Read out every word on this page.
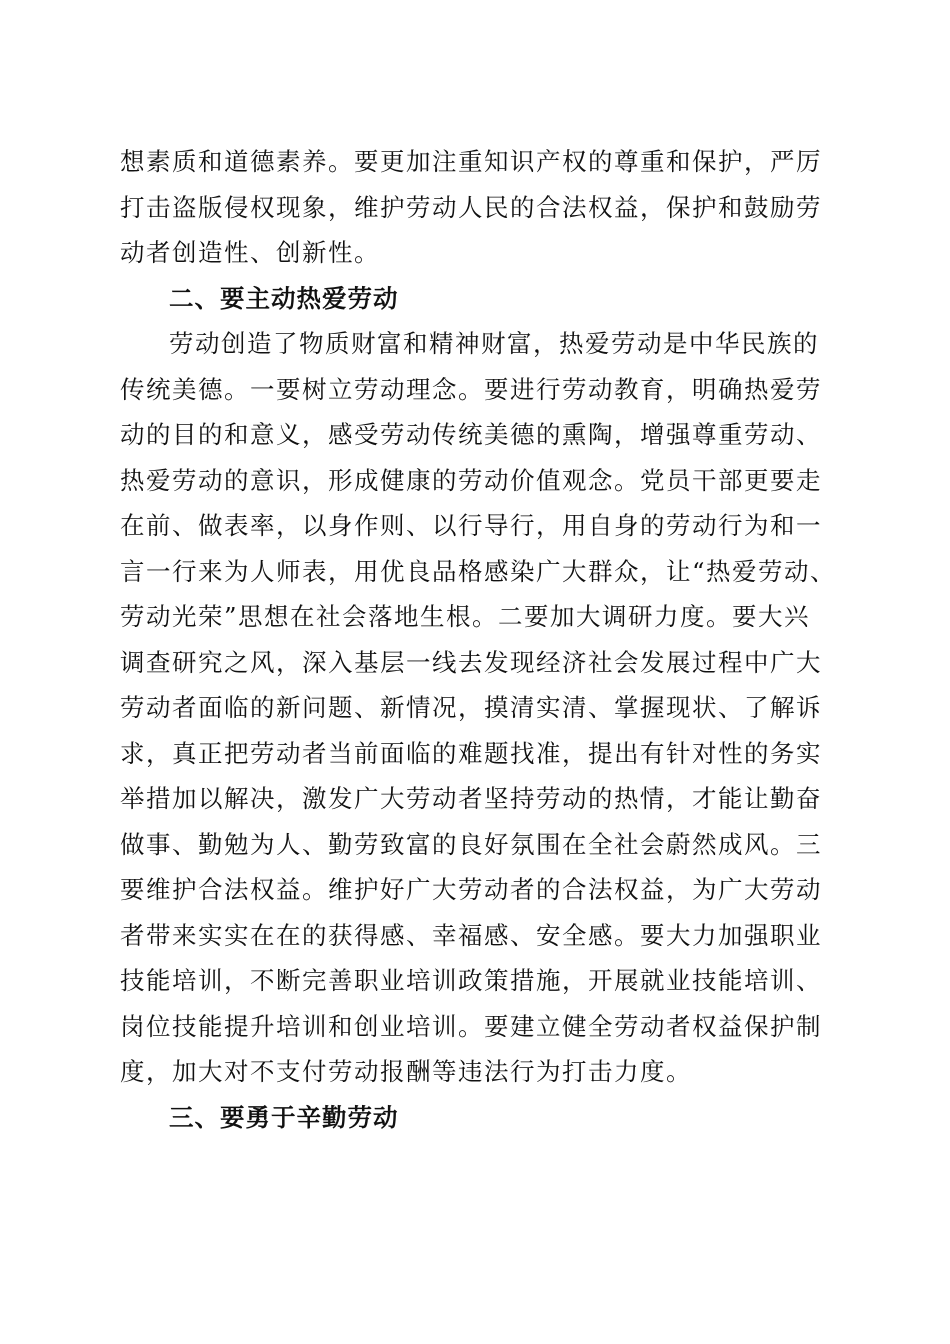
想素质和道德素养。要更加注重知识产权的尊重和保护，严厉
打击盗版侵权现象，维护劳动人民的合法权益，保护和鼓励劳
动者创造性、创新性。
二、要主动热爱劳动
劳动创造了物质财富和精神财富，热爱劳动是中华民族的
传统美德。一要树立劳动理念。要进行劳动教育，明确热爱劳
动的目的和意义，感受劳动传统美德的熏陶，增强尊重劳动、
热爱劳动的意识，形成健康的劳动价值观念。党员干部更要走
在前、做表率，以身作则、以行导行，用自身的劳动行为和一
言一行来为人师表，用优良品格感染广大群众，让“热爱劳动、
劳动光荣”思想在社会落地生根。二要加大调研力度。要大兴
调查研究之风，深入基层一线去发现经济社会发展过程中广大
劳动者面临的新问题、新情况，摸清实清、掌握现状、了解诉
求，真正把劳动者当前面临的难题找准，提出有针对性的务实
举措加以解决，激发广大劳动者坚持劳动的热情，才能让勤奋
做事、勤勉为人、勤劳致富的良好氛围在全社会蔚然成风。三
要维护合法权益。维护好广大劳动者的合法权益，为广大劳动
者带来实实在在的获得感、幸福感、安全感。要大力加强职业
技能培训，不断完善职业培训政策措施，开展就业技能培训、
岗位技能提升培训和创业培训。要建立健全劳动者权益保护制
度，加大对不支付劳动报酬等违法行为打击力度。
三、要勇于辛勤劳动
